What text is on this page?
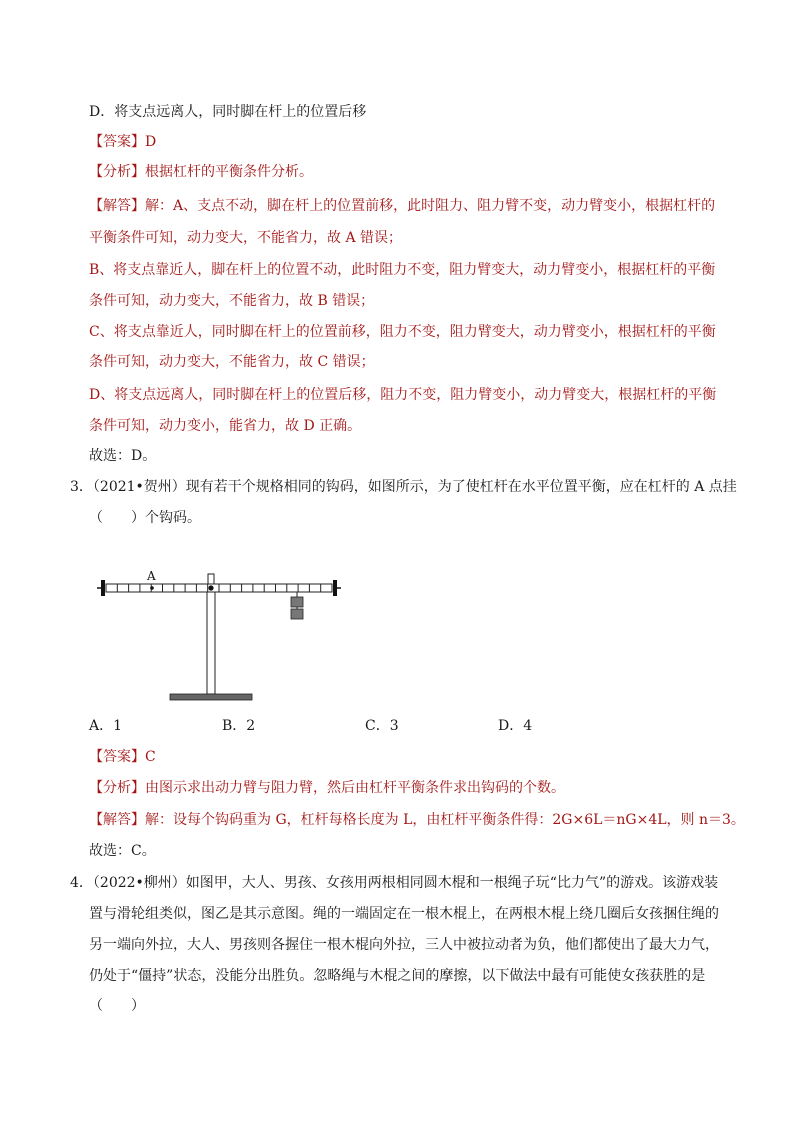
D．将支点远离人，同时脚在杆上的位置后移
【答案】D
【分析】根据杠杆的平衡条件分析。
【解答】解：A、支点不动，脚在杆上的位置前移，此时阻力、阻力臂不变，动力臂变小，根据杠杆的
平衡条件可知，动力变大，不能省力，故 A 错误；
B、将支点靠近人，脚在杆上的位置不动，此时阻力不变，阻力臂变大，动力臂变小，根据杠杆的平衡
条件可知，动力变大，不能省力，故 B 错误；
C、将支点靠近人，同时脚在杆上的位置前移，阻力不变，阻力臂变大，动力臂变小，根据杠杆的平衡
条件可知，动力变大，不能省力，故 C 错误；
D、将支点远离人，同时脚在杆上的位置后移，阻力不变，阻力臂变小，动力臂变大，根据杠杆的平衡
条件可知，动力变小，能省力，故 D 正确。
故选：D。
3．（2021•贺州）现有若干个规格相同的钩码，如图所示，为了使杠杆在水平位置平衡，应在杠杆的 A 点挂
（　　）个钩码。
A
A．1	B．2	C．3	D．4
【答案】C
【分析】由图示求出动力臂与阻力臂，然后由杠杆平衡条件求出钩码的个数。
【解答】解：设每个钩码重为 G，杠杆每格长度为 L，由杠杆平衡条件得：2G×6L＝nG×4L，则 n＝3。
故选：C。
4．（2022•柳州）如图甲，大人、男孩、女孩用两根相同圆木棍和一根绳子玩“比力气”的游戏。该游戏装
置与滑轮组类似，图乙是其示意图。绳的一端固定在一根木棍上，在两根木棍上绕几圈后女孩捆住绳的
另一端向外拉，大人、男孩则各握住一根木棍向外拉，三人中被拉动者为负，他们都使出了最大力气，
仍处于“僵持”状态，没能分出胜负。忽略绳与木棍之间的摩擦，以下做法中最有可能使女孩获胜的是
（　　）
